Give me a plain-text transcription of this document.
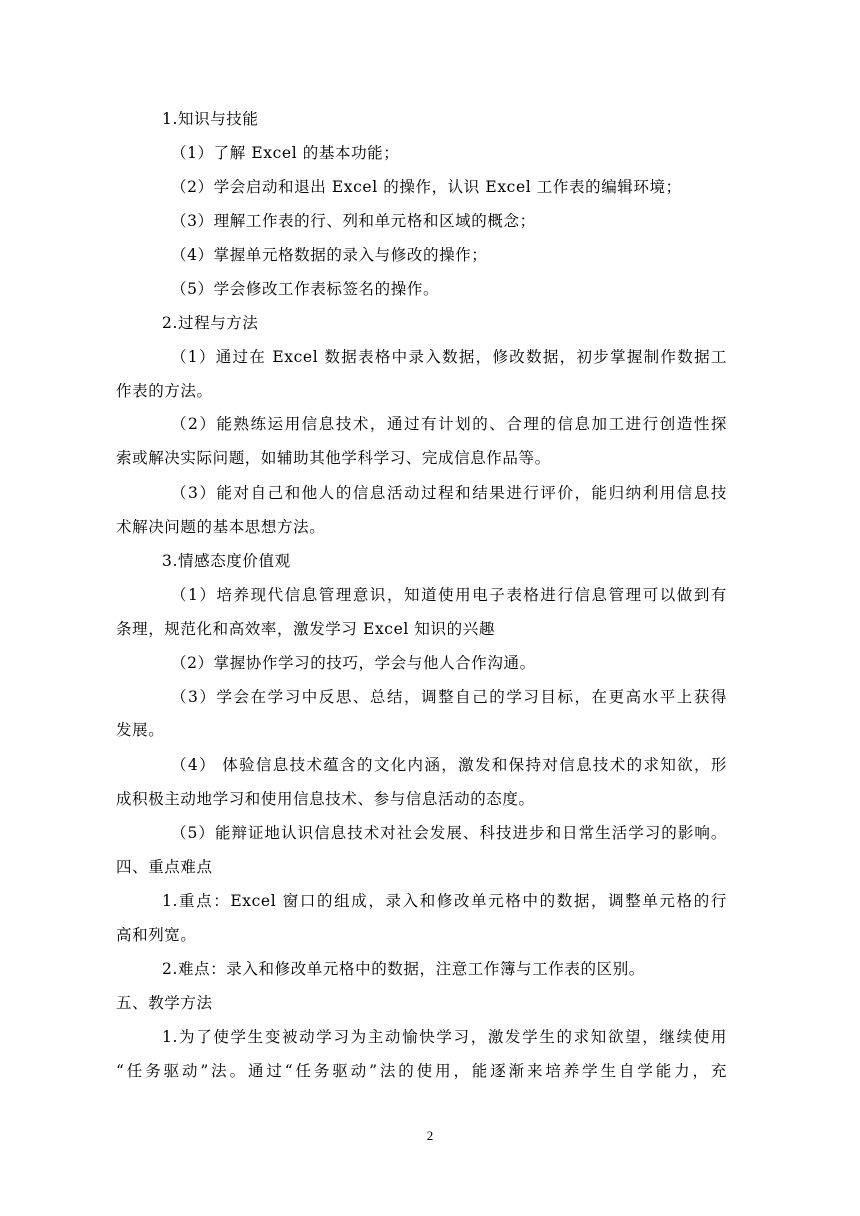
1.知识与技能
（1）了解 Excel 的基本功能；
（2）学会启动和退出 Excel 的操作，认识 Excel 工作表的编辑环境；
（3）理解工作表的行、列和单元格和区域的概念；
（4）掌握单元格数据的录入与修改的操作；
（5）学会修改工作表标签名的操作。
2.过程与方法
（1）通过在 Excel 数据表格中录入数据，修改数据，初步掌握制作数据工
作表的方法。
（2）能熟练运用信息技术，通过有计划的、合理的信息加工进行创造性探
索或解决实际问题，如辅助其他学科学习、完成信息作品等。
（3）能对自己和他人的信息活动过程和结果进行评价，能归纳利用信息技
术解决问题的基本思想方法。
3.情感态度价值观
（1）培养现代信息管理意识，知道使用电子表格进行信息管理可以做到有
条理，规范化和高效率，激发学习 Excel 知识的兴趣
（2）掌握协作学习的技巧，学会与他人合作沟通。
（3）学会在学习中反思、总结，调整自己的学习目标，在更高水平上获得
发展。
（4） 体验信息技术蕴含的文化内涵，激发和保持对信息技术的求知欲，形
成积极主动地学习和使用信息技术、参与信息活动的态度。
（5）能辩证地认识信息技术对社会发展、科技进步和日常生活学习的影响。
四、重点难点
1.重点：Excel 窗口的组成，录入和修改单元格中的数据，调整单元格的行
高和列宽。
2.难点：录入和修改单元格中的数据，注意工作簿与工作表的区别。
五、教学方法
1.为了使学生变被动学习为主动愉快学习，激发学生的求知欲望，继续使用
“任务驱动”法。通过“任务驱动”法的使用，能逐渐来培养学生自学能力，充
2
